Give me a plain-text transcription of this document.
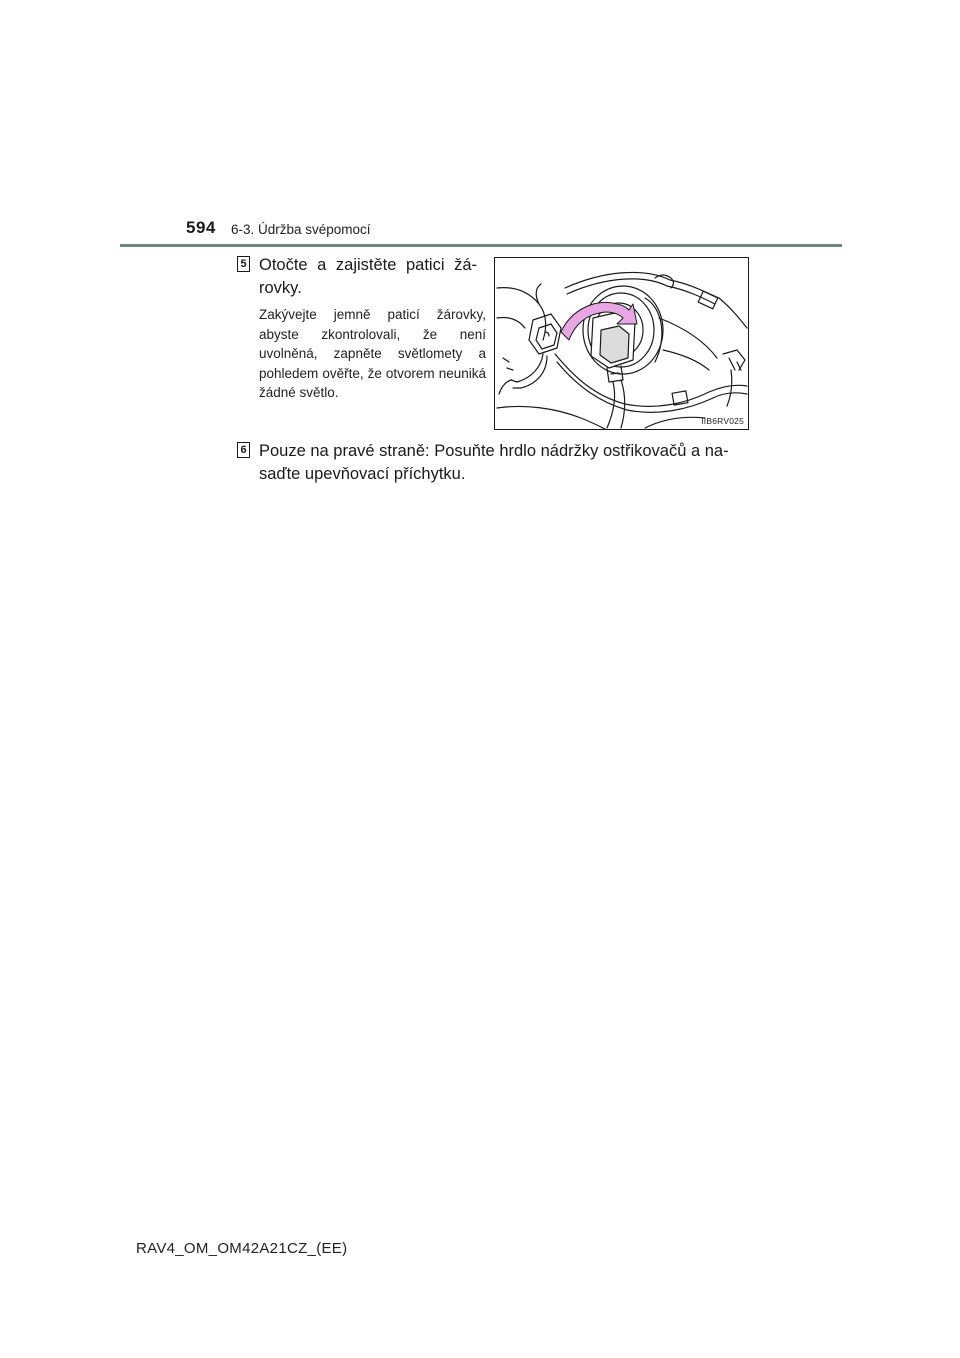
594 6-3. Údržba svépomocí
5 Otočte a zajistěte patici žá-rovky.
Zakývejte jemně paticí žárovky, abyste zkontrolovali, že není uvolněná, zapněte světlomety a pohledem ověřte, že otvorem neuniká žádné světlo.
IIB6RV025
6 Pouze na pravé straně: Posuňte hrdlo nádržky ostřikovačů a na-saďte upevňovací příchytku.
RAV4_OM_OM42A21CZ_(EE)
